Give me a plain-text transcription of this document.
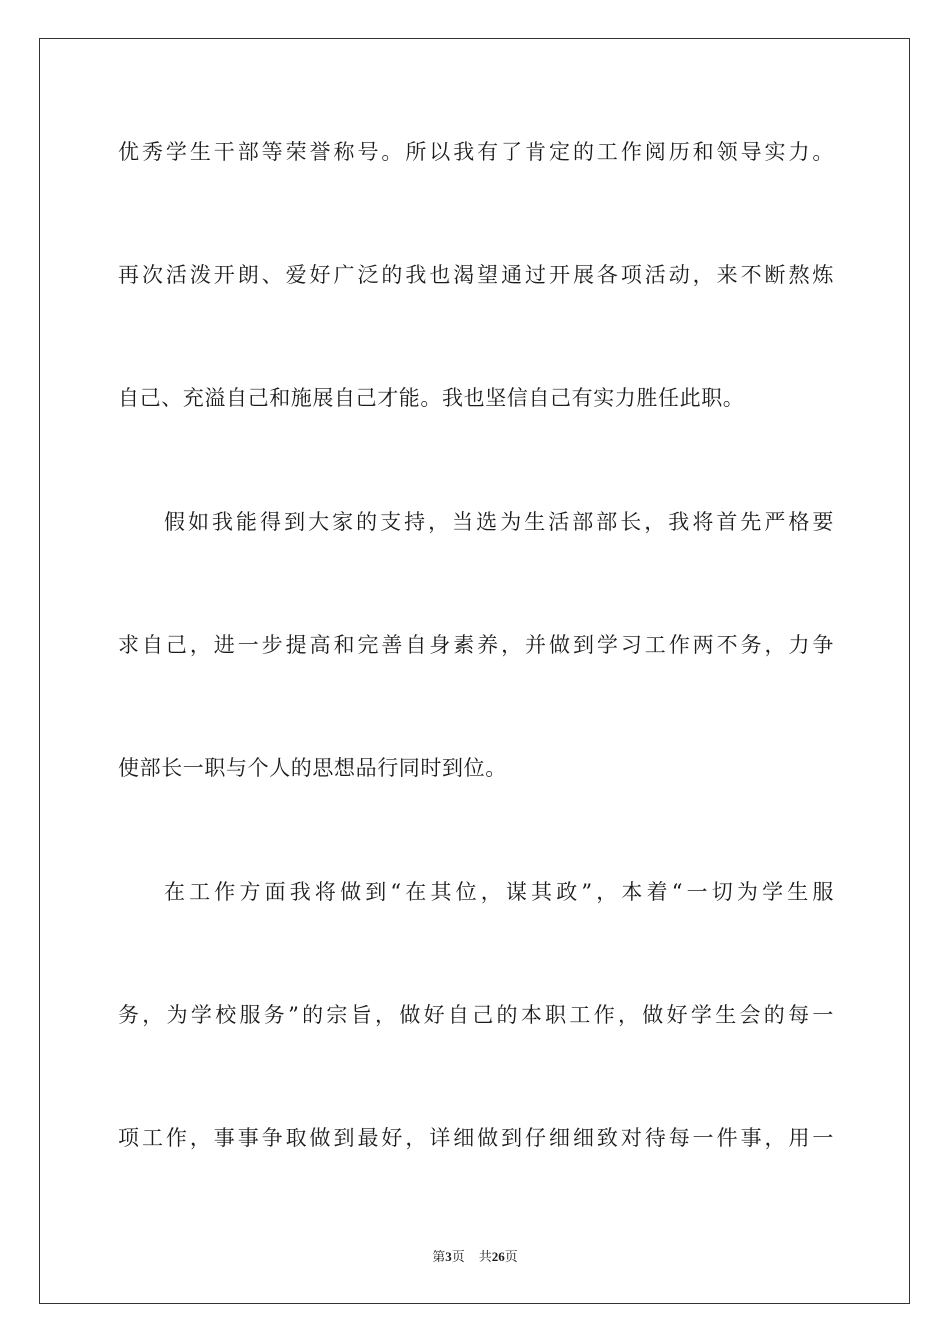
优秀学生干部等荣誉称号。所以我有了肯定的工作阅历和领导实力。
再次活泼开朗、爱好广泛的我也渴望通过开展各项活动，来不断熬炼
自己、充溢自己和施展自己才能。我也坚信自己有实力胜任此职。
假如我能得到大家的支持，当选为生活部部长，我将首先严格要
求自己，进一步提高和完善自身素养，并做到学习工作两不务，力争
使部长一职与个人的思想品行同时到位。
在工作方面我将做到“在其位，谋其政”，本着“一切为学生服
务，为学校服务”的宗旨，做好自己的本职工作，做好学生会的每一
项工作，事事争取做到最好，详细做到仔细细致对待每一件事，用一
第3页 共26页
